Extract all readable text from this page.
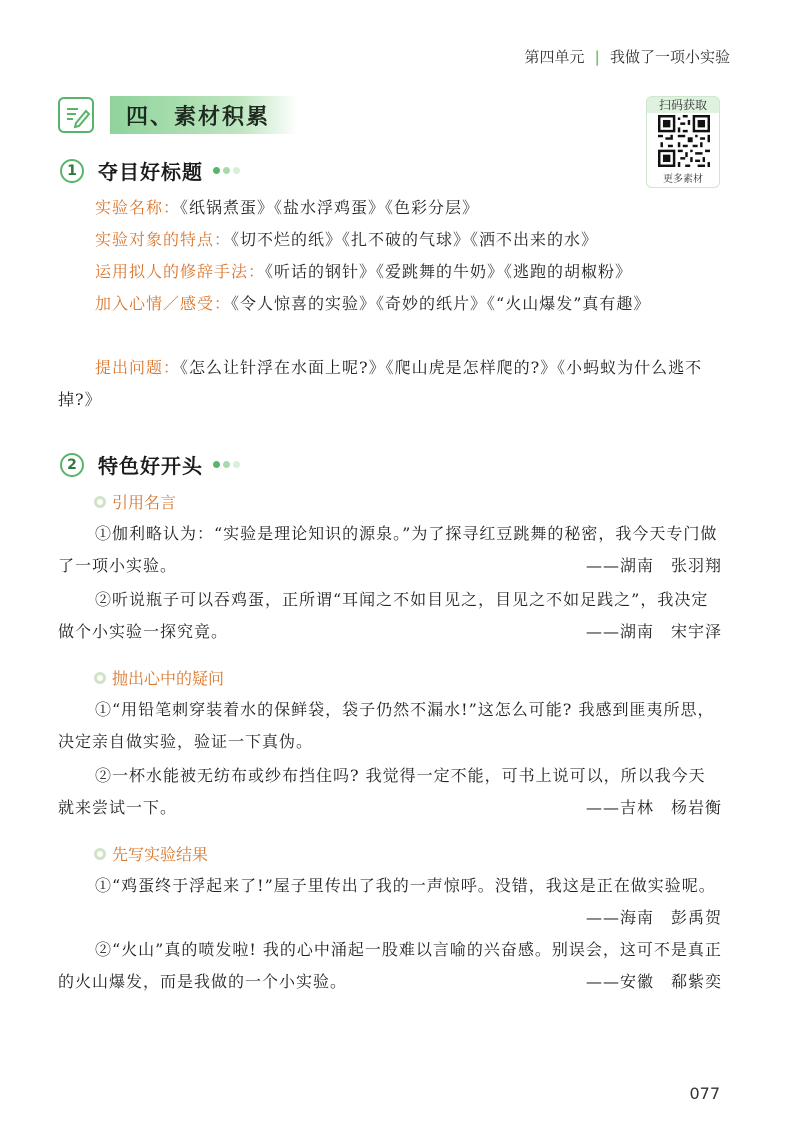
第四单元 | 我做了一项小实验
四、素材积累	扫码获取
更多素材
1	夺目好标题
实验名称：《纸锅煮蛋》《盐水浮鸡蛋》《色彩分层》
实验对象的特点：《切不烂的纸》《扎不破的气球》《洒不出来的水》
运用拟人的修辞手法：《听话的钢针》《爱跳舞的牛奶》《逃跑的胡椒粉》
加入心情／感受：《令人惊喜的实验》《奇妙的纸片》《“火山爆发”真有趣》
提出问题：《怎么让针浮在水面上呢?》《爬山虎是怎样爬的?》《小蚂蚁为什么逃不掉?》
2	特色好开头
引用名言
①伽利略认为：“实验是理论知识的源泉。”为了探寻红豆跳舞的秘密，我今天专门做了一项小实验。	——湖南　张羽翔
②听说瓶子可以吞鸡蛋，正所谓“耳闻之不如目见之，目见之不如足践之”，我决定做个小实验一探究竟。	——湖南　宋宇泽
抛出心中的疑问
①“用铅笔刺穿装着水的保鲜袋，袋子仍然不漏水!”这怎么可能? 我感到匪夷所思，决定亲自做实验，验证一下真伪。
②一杯水能被无纺布或纱布挡住吗? 我觉得一定不能，可书上说可以，所以我今天就来尝试一下。	——吉林　杨岩衡
先写实验结果
①“鸡蛋终于浮起来了!”屋子里传出了我的一声惊呼。没错，我这是正在做实验呢。
——海南　彭禹贺
②“火山”真的喷发啦! 我的心中涌起一股难以言喻的兴奋感。别误会，这可不是真正的火山爆发，而是我做的一个小实验。	——安徽　郗紫奕
077
